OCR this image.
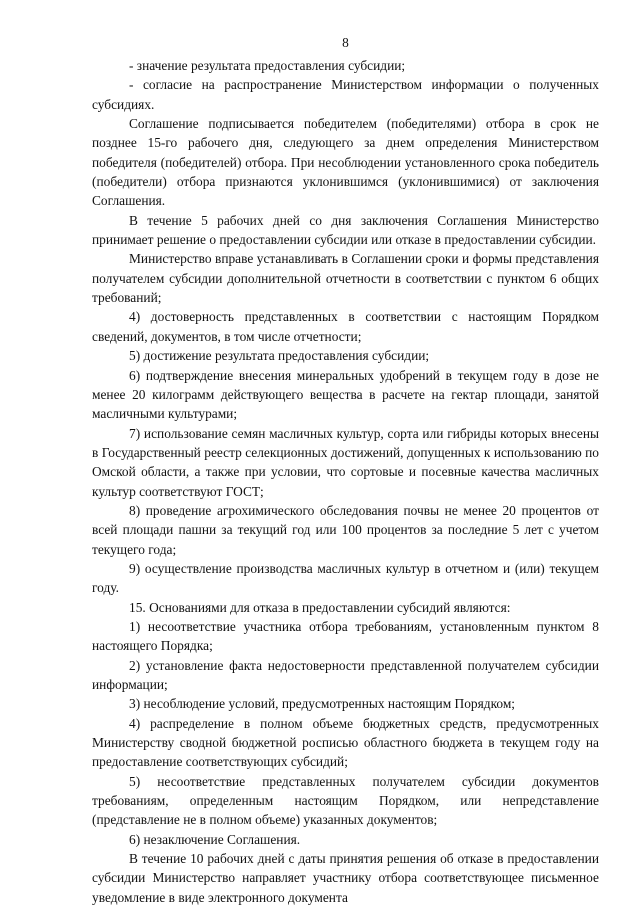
8

- значение результата предоставления субсидии;

- согласие на распространение Министерством информации о полученных субсидиях.

Соглашение подписывается победителем (победителями) отбора в срок не позднее 15-го рабочего дня, следующего за днем определения Министерством победителя (победителей) отбора. При несоблюдении установленного срока победитель (победители) отбора признаются уклонившимся (уклонившимися) от заключения Соглашения.

В течение 5 рабочих дней со дня заключения Соглашения Министерство принимает решение о предоставлении субсидии или отказе в предоставлении субсидии.

Министерство вправе устанавливать в Соглашении сроки и формы представления получателем субсидии дополнительной отчетности в соответствии с пунктом 6 общих требований;

4) достоверность представленных в соответствии с настоящим Порядком сведений, документов, в том числе отчетности;

5) достижение результата предоставления субсидии;

6) подтверждение внесения минеральных удобрений в текущем году в дозе не менее 20 килограмм действующего вещества в расчете на гектар площади, занятой масличными культурами;

7) использование семян масличных культур, сорта или гибриды которых внесены в Государственный реестр селекционных достижений, допущенных к использованию по Омской области, а также при условии, что сортовые и посевные качества масличных культур соответствуют ГОСТ;

8) проведение агрохимического обследования почвы не менее 20 процентов от всей площади пашни за текущий год или 100 процентов за последние 5 лет с учетом текущего года;

9) осуществление производства масличных культур в отчетном и (или) текущем году.

15. Основаниями для отказа в предоставлении субсидий являются:

1) несоответствие участника отбора требованиям, установленным пунктом 8 настоящего Порядка;

2) установление факта недостоверности представленной получателем субсидии информации;

3) несоблюдение условий, предусмотренных настоящим Порядком;

4) распределение в полном объеме бюджетных средств, предусмотренных Министерству сводной бюджетной росписью областного бюджета в текущем году на предоставление соответствующих субсидий;

5) несоответствие представленных получателем субсидии документов требованиям, определенным настоящим Порядком, или непредставление (представление не в полном объеме) указанных документов;

6) незаключение Соглашения.

В течение 10 рабочих дней с даты принятия решения об отказе в предоставлении субсидии Министерство направляет участнику отбора соответствующее письменное уведомление в виде электронного документа
